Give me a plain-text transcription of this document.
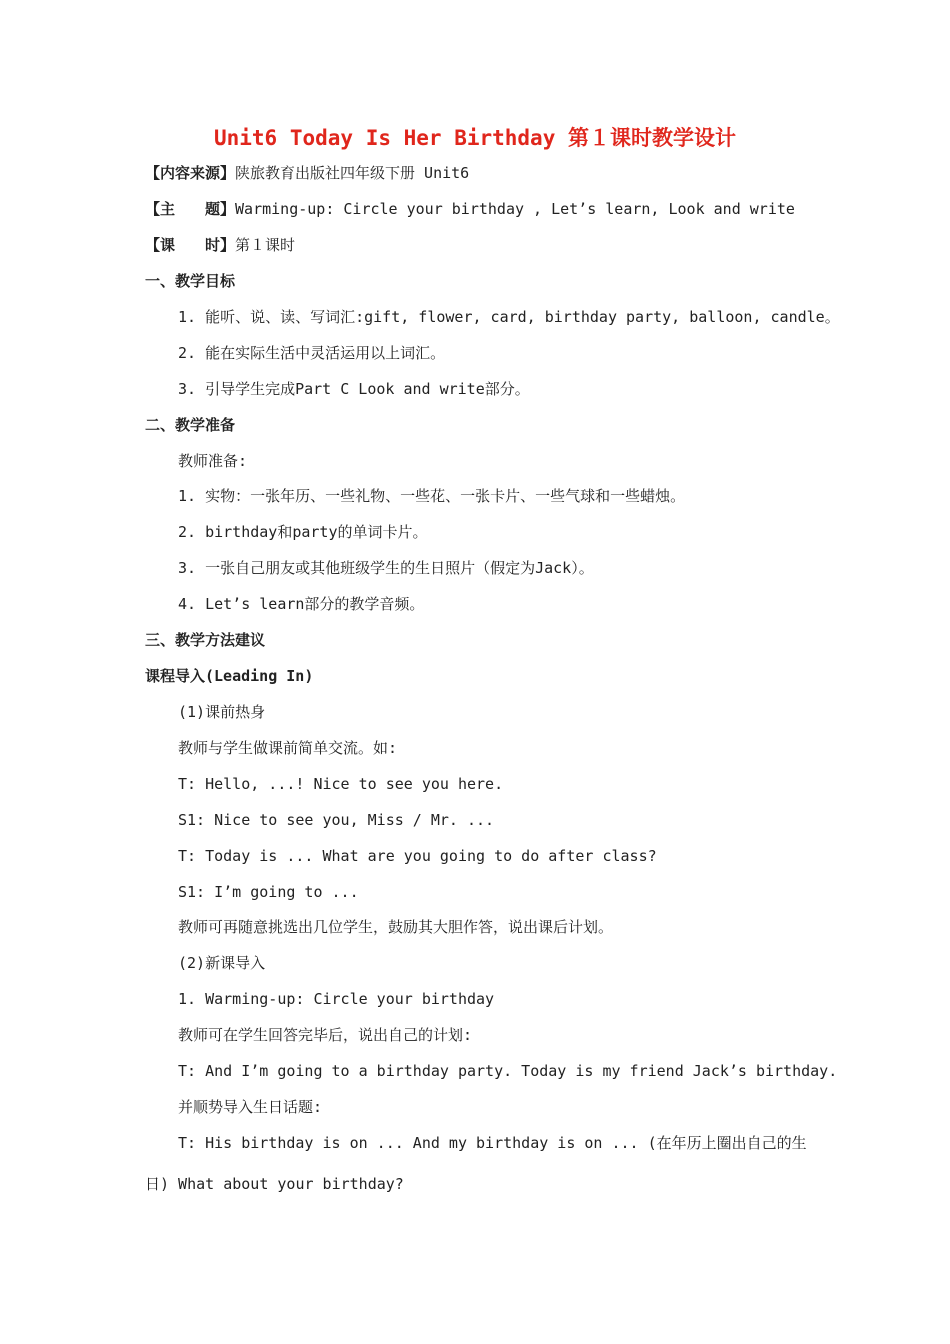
Unit6 Today Is Her Birthday 第１课时教学设计
【内容来源】陕旅教育出版社四年级下册 Unit6
【主　　题】Warming-up: Circle your birthday , Let’s learn, Look and write
【课　　时】第１课时
一、教学目标
1. 能听、说、读、写词汇:gift, flower, card, birthday party, balloon, candle。
2. 能在实际生活中灵活运用以上词汇。
3. 引导学生完成Part C Look and write部分。
二、教学准备
教师准备:
1. 实物：一张年历、一些礼物、一些花、一张卡片、一些气球和一些蜡烛。
2. birthday和party的单词卡片。
3. 一张自己朋友或其他班级学生的生日照片（假定为Jack）。
4. Let’s learn部分的教学音频。
三、教学方法建议
课程导入(Leading In)
(1)课前热身
教师与学生做课前简单交流。如:
T: Hello, ...! Nice to see you here.
S1: Nice to see you, Miss / Mr. ...
T: Today is ... What are you going to do after class?
S1: I’m going to ...
教师可再随意挑选出几位学生，鼓励其大胆作答，说出课后计划。
(2)新课导入
1. Warming-up: Circle your birthday
教师可在学生回答完毕后，说出自己的计划:
T: And I’m going to a birthday party. Today is my friend Jack’s birthday.
并顺势导入生日话题:
T: His birthday is on ... And my birthday is on ... (在年历上圈出自己的生日) What about your birthday?
